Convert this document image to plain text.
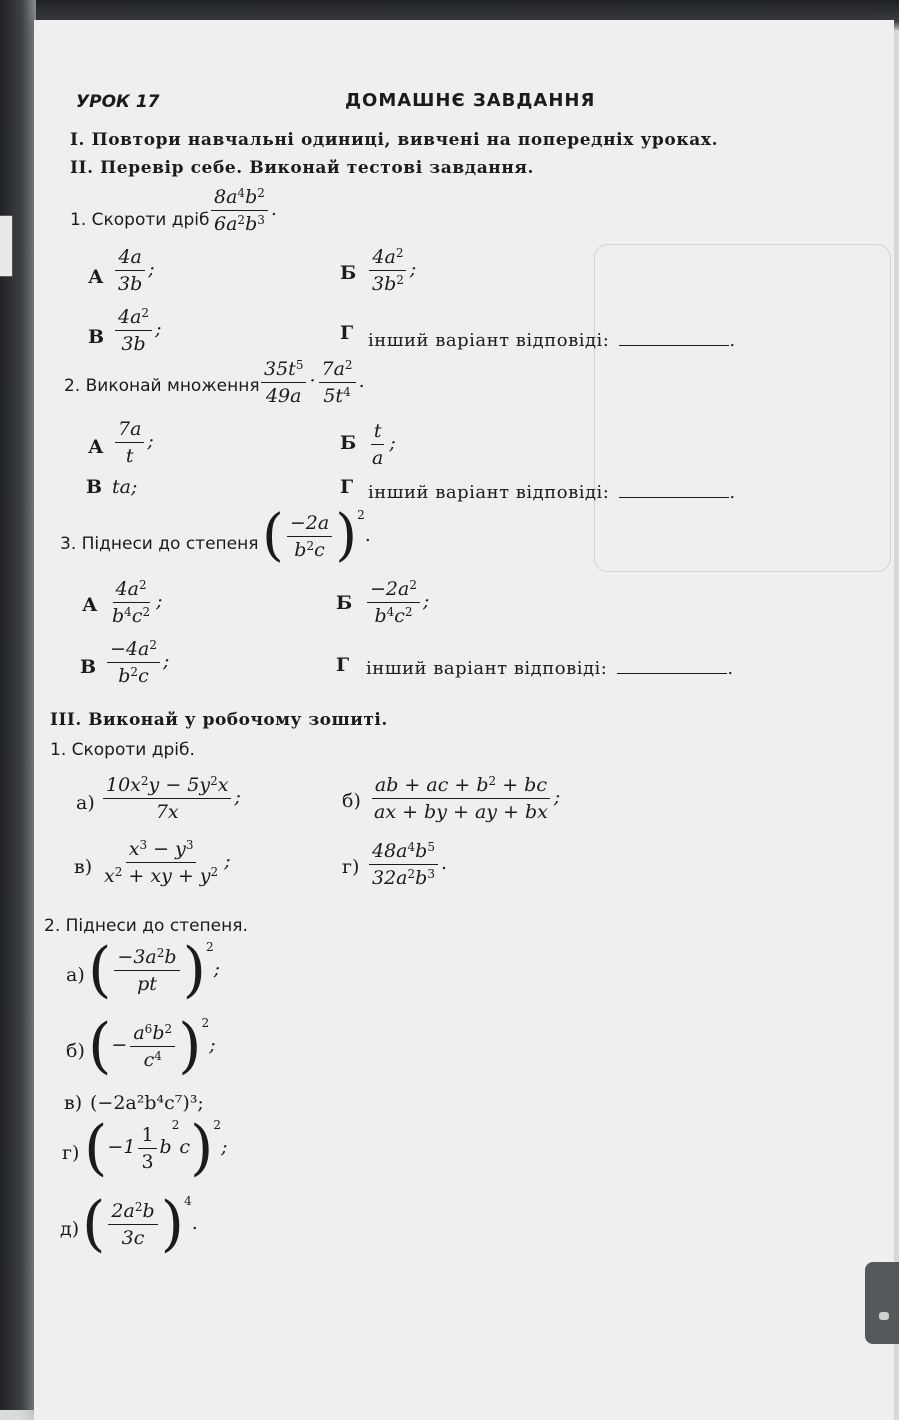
УРОК 17	ДОМАШНЄ ЗАВДАННЯ
І. Повтори навчальні одиниці, вивчені на попередніх уроках.
ІІ. Перевір себе. Виконай тестові завдання.
1. Скороти дріб $\frac{8a^4b^2}{6a^2b^3}$ .
А $\frac{4a}{3b}$ ;	Б $\frac{4a^2}{3b^2}$ ;
В $\frac{4a^2}{3b}$ ;	Г інший варіант відповіді:	.
2. Виконай множення $\frac{35t^5}{49a} \cdot \frac{7a^2}{5t^4}$ .
А $\frac{7a}{t}$ ;	Б $\frac{t}{a}$ ;
В ta;	Г інший варіант відповіді:	.
3. Піднеси до степеня ( $\frac{-2a}{b^2c} )^2$.
А $\frac{4a^2}{b^4c^2}$ ;	Б $\frac{-2a^2}{b^4c^2}$ ;
В $\frac{-4a^2}{b^2c}$ ;	Г інший варіант відповіді:	.
ІІІ. Виконай у робочому зошиті.
1. Скороти дріб.
$а) \frac{10x^2y - 5y^2x}{7x}$ ;	$б) \frac{ab + ac + b^2 + bc}{ax + by + ay + bx}$ ;
$в) \frac{x^3 - y^3}{x^2 + xy + y^2}$ ;	$г) \frac{48a^4b^5}{32a^2b^3}$ .
2. Піднеси до степеня.
а) ( $\frac{-3a^2b}{pt} )^2$;
б) (− $\frac{a^6b^2}{c^4} )^2$;
в) (−2a²b⁴c⁷)³;
г) $(-1 \frac{1}{3} b^2c)^2$;
д) ( $\frac{2a^2b}{3c} )^4$.
